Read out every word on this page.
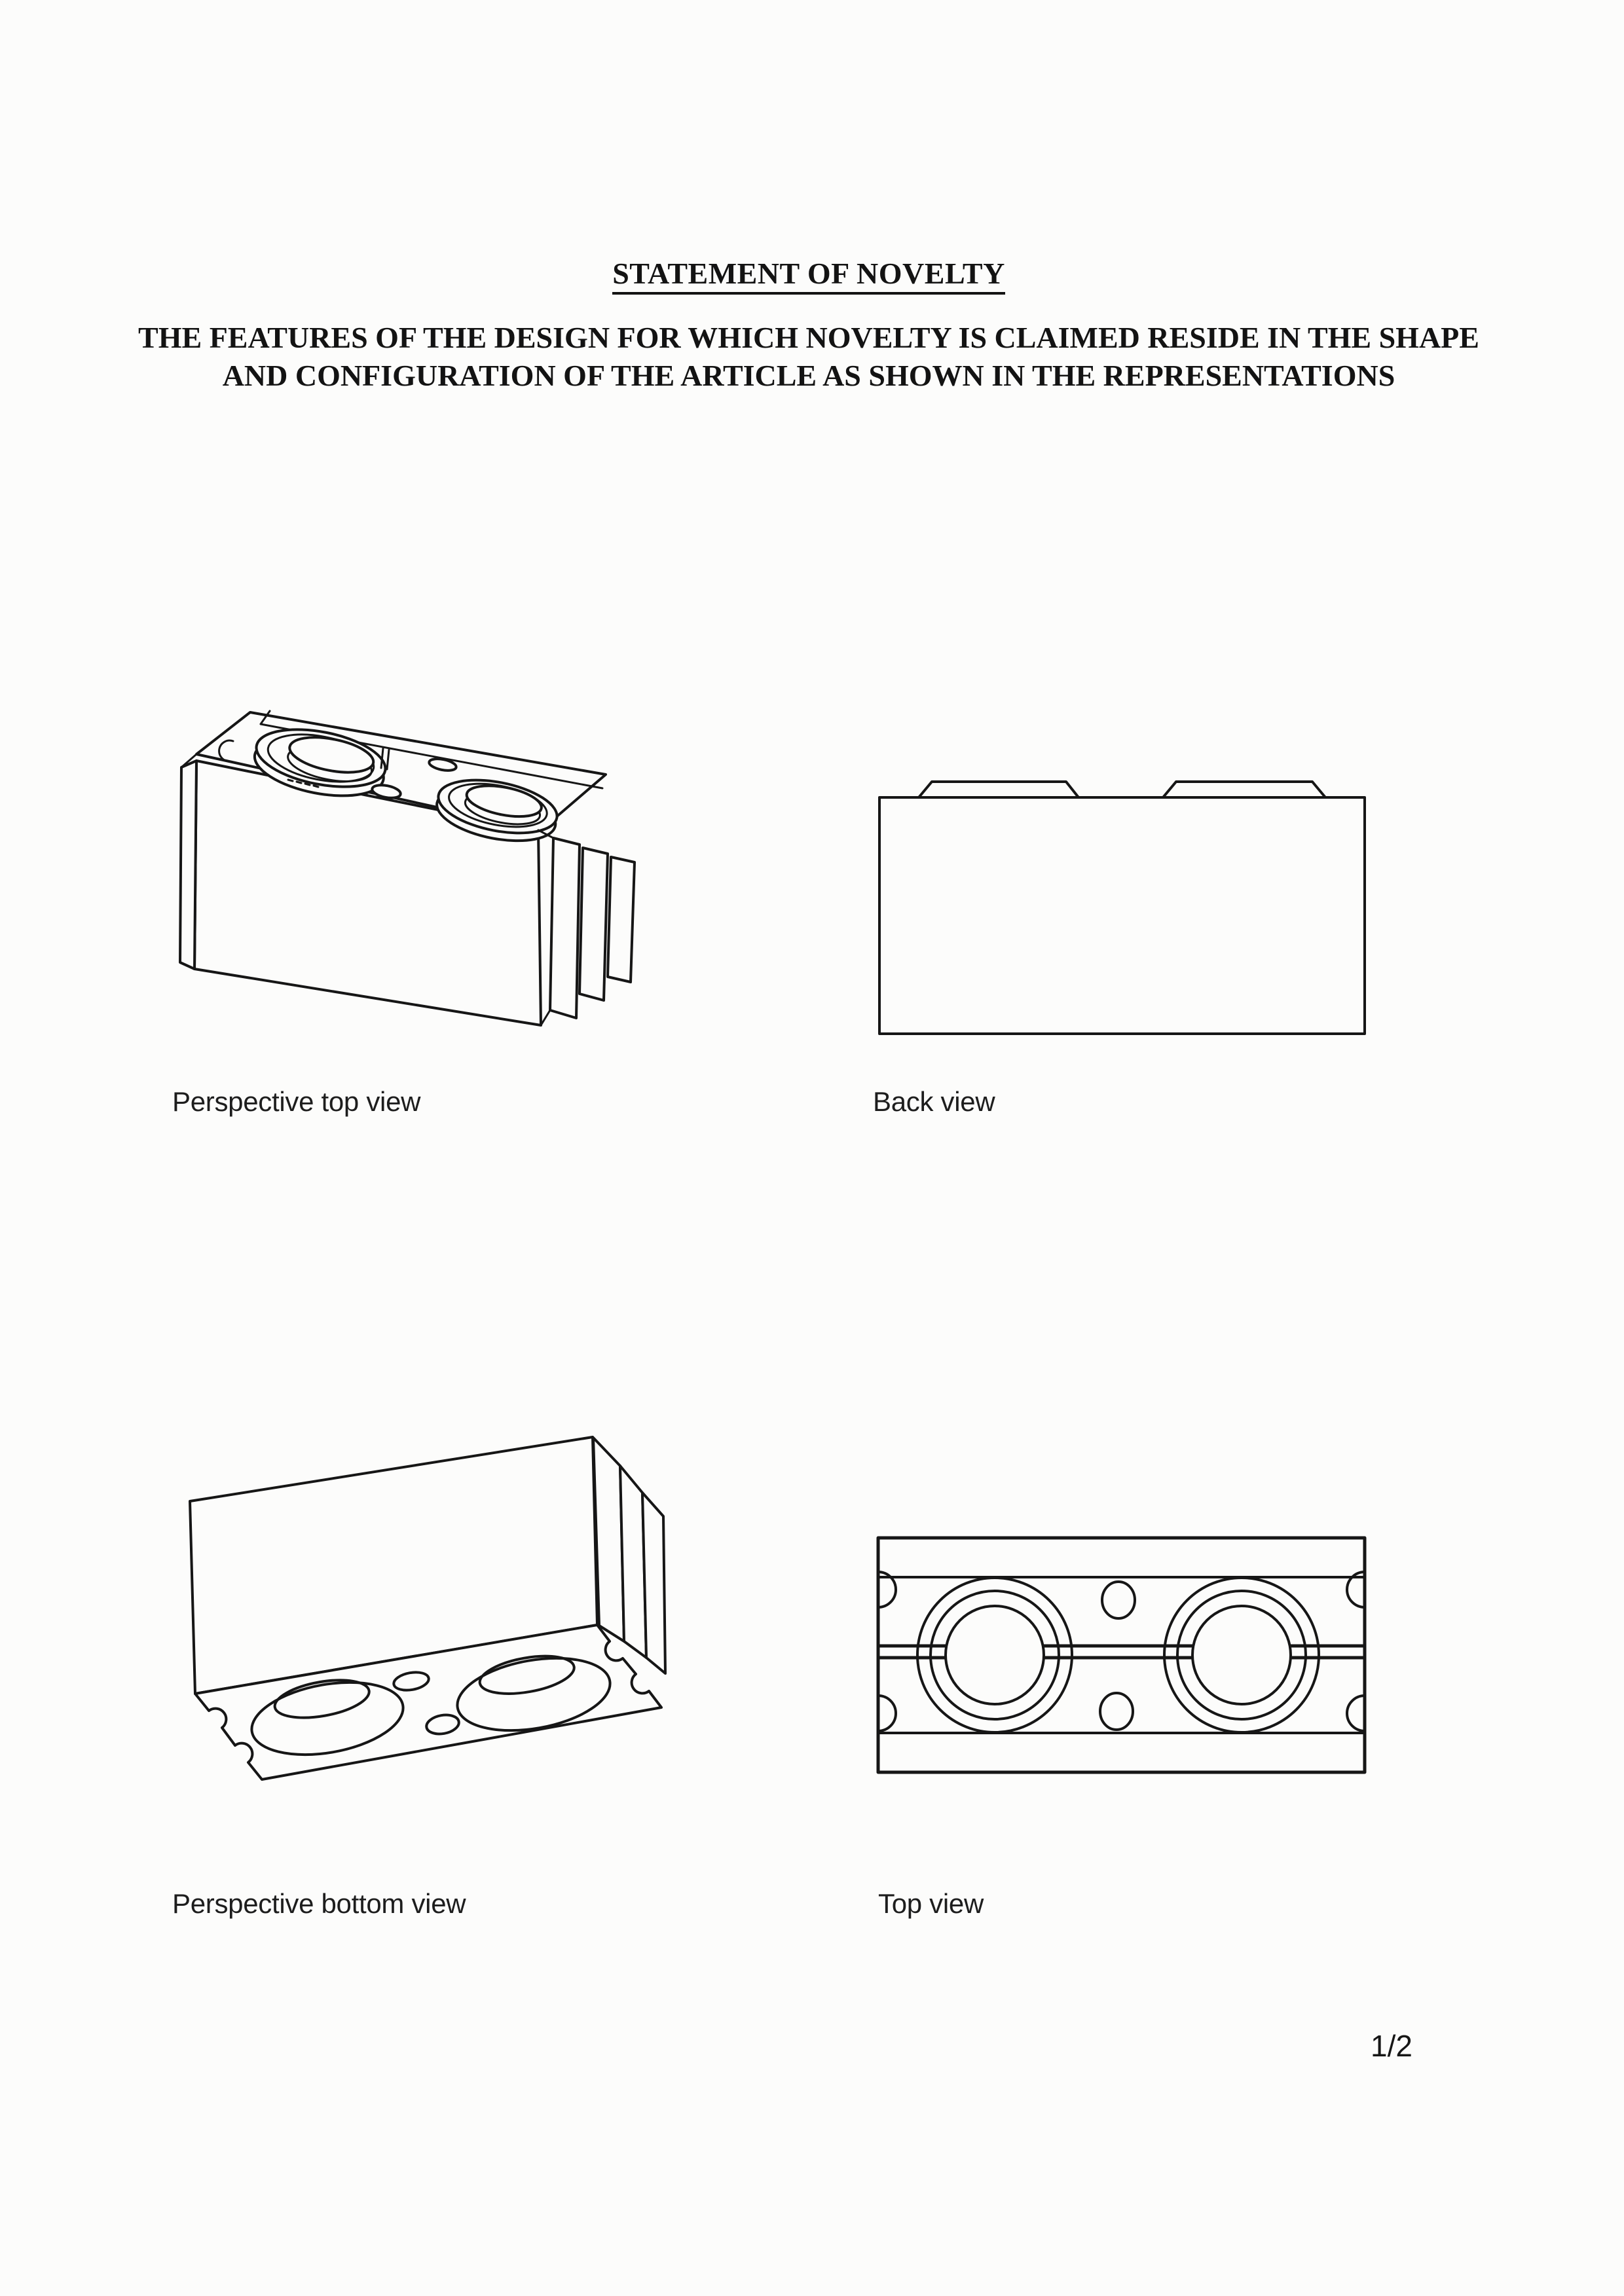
STATEMENT OF NOVELTY
THE FEATURES OF THE DESIGN FOR WHICH NOVELTY IS CLAIMED RESIDE IN THE SHAPE
AND CONFIGURATION OF THE ARTICLE AS SHOWN IN THE REPRESENTATIONS
Perspective top view	Back view
Perspective bottom view	Top view
1/2
